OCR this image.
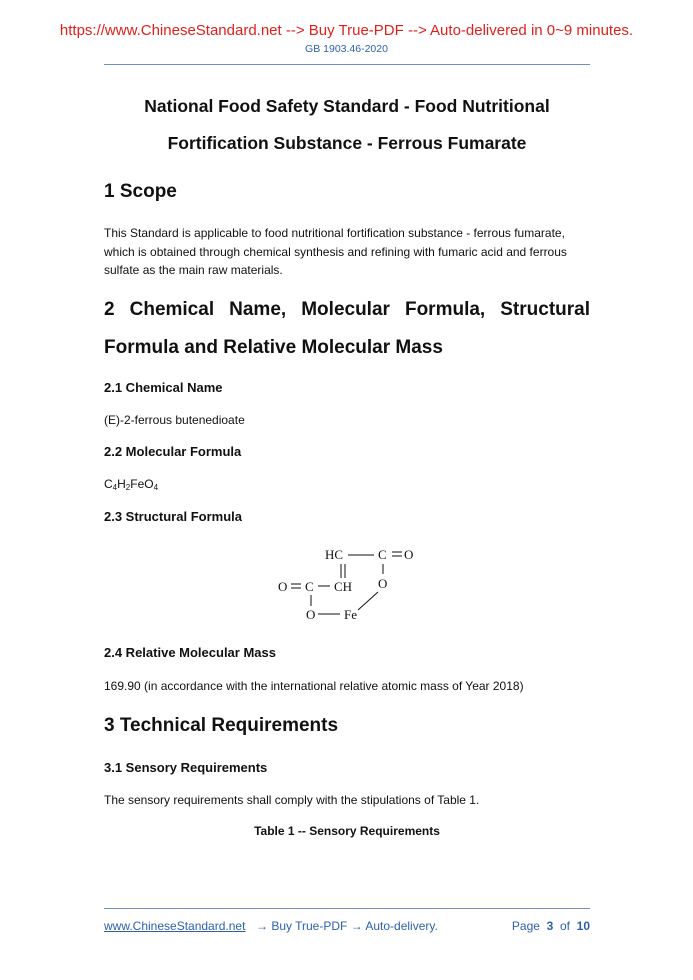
https://www.ChineseStandard.net --> Buy True-PDF --> Auto-delivered in 0~9 minutes.
GB 1903.46-2020
National Food Safety Standard - Food Nutritional
Fortification Substance - Ferrous Fumarate
1 Scope
This Standard is applicable to food nutritional fortification substance - ferrous fumarate,
which is obtained through chemical synthesis and refining with fumaric acid and ferrous
sulfate as the main raw materials.
2 Chemical Name, Molecular Formula, Structural
Formula and Relative Molecular Mass
2.1 Chemical Name
(E)-2-ferrous butenedioate
2.2 Molecular Formula
$C_4H_2FeO_4$
2.3 Structural Formula
HC	C O
O C CH O
O Fe
2.4 Relative Molecular Mass
169.90 (in accordance with the international relative atomic mass of Year 2018)
3 Technical Requirements
3.1 Sensory Requirements
The sensory requirements shall comply with the stipulations of Table 1.
Table 1 -- Sensory Requirements
www.ChineseStandard.net → Buy True-PDF → Auto-delivery.	Page 3 of 10
